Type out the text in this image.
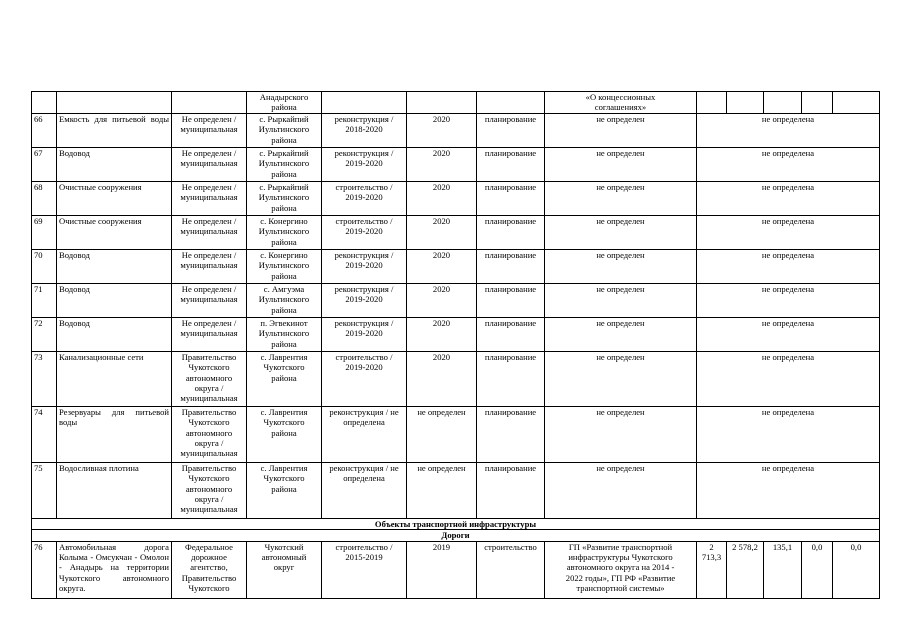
			Анадырского
района				«О концессионных
соглашениях»					
66	Емкость для питьевой воды	Не определен /
муниципальная	с. Рыркайпий
Иультинского
района	реконструкция /
2018-2020	2020	планирование	не определен	не определена				
67	Водовод	Не определен /
муниципальная	с. Рыркайпий
Иультинского
района	реконструкция /
2019-2020	2020	планирование	не определен	не определена				
68	Очистные сооружения	Не определен /
муниципальная	с. Рыркайпий
Иультинского
района	строительство /
2019-2020	2020	планирование	не определен	не определена				
69	Очистные сооружения	Не определен /
муниципальная	с. Конергино
Иультинского
района	строительство /
2019-2020	2020	планирование	не определен	не определена				
70	Водовод	Не определен /
муниципальная	с. Конергино
Иультинского
района	реконструкция /
2019-2020	2020	планирование	не определен	не определена				
71	Водовод	Не определен /
муниципальная	с. Амгуэма
Иультинского
района	реконструкция /
2019-2020	2020	планирование	не определен	не определена				
72	Водовод	Не определен /
муниципальная	п. Эгвекинот
Иультинского
района	реконструкция /
2019-2020	2020	планирование	не определен	не определена				
73	Канализационные сети	Правительство
Чукотского
автономного
округа /
муниципальная	с. Лаврентия
Чукотского
района	строительство /
2019-2020	2020	планирование	не определен	не определена				
74	Резервуары для питьевой воды	Правительство
Чукотского
автономного
округа /
муниципальная	с. Лаврентия
Чукотского
района	реконструкция / не
определена	не определен	планирование	не определен	не определена				
75	Водосливная плотина	Правительство
Чукотского
автономного
округа /
муниципальная	с. Лаврентия
Чукотского
района	реконструкция / не
определена	не определен	планирование	не определен	не определена				
Объекты транспортной инфраструктуры												
Дороги												
76	Автомобильная дорога Колыма - Омсукчан - Омолон - Анадырь на территории Чукотского автономного округа.	Федеральное
дорожное
агентство,
Правительство
Чукотского	Чукотский
автономный
округ	строительство /
2015-2019	2019	строительство	ГП «Развитие транспортной
инфраструктуры Чукотского
автономного округа на 2014 -
2022 годы», ГП РФ «Развитие
транспортной системы»	2 713,3	2 578,2	135,1	0,0	0,0
